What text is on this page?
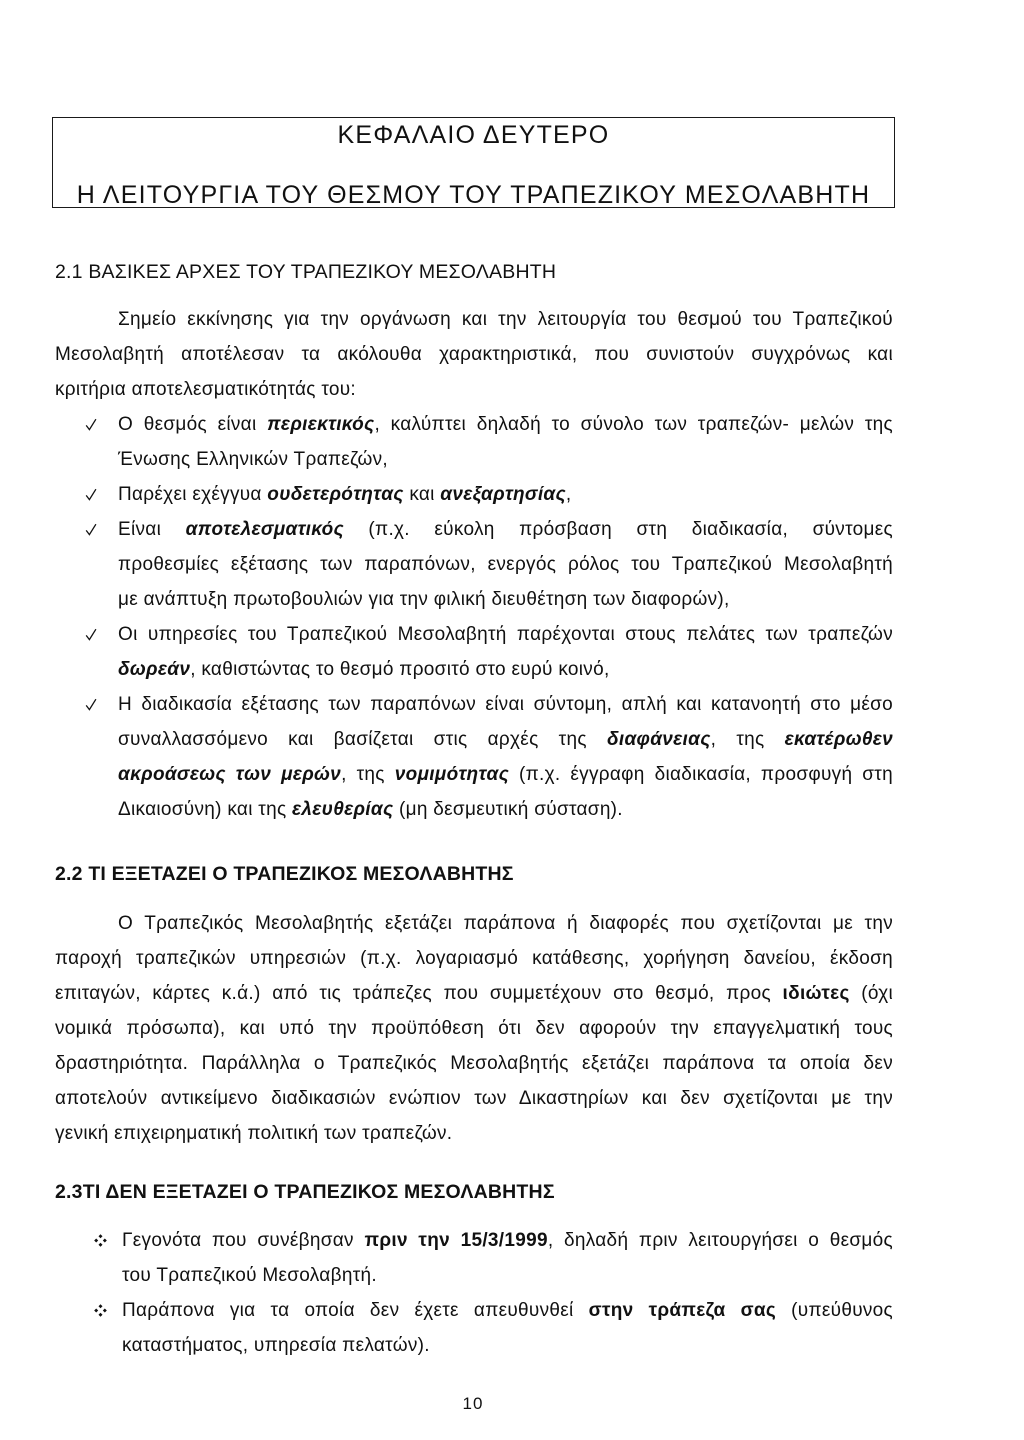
ΚΕΦΑΛΑΙΟ ΔΕΥΤΕΡΟ
Η ΛΕΙΤΟΥΡΓΙΑ ΤΟΥ ΘΕΣΜΟΥ ΤΟΥ ΤΡΑΠΕΖΙΚΟΥ ΜΕΣΟΛΑΒΗΤΗ
2.1 ΒΑΣΙΚΕΣ ΑΡΧΕΣ ΤΟΥ ΤΡΑΠΕΖΙΚΟΥ ΜΕΣΟΛΑΒΗΤΗ
Σημείο εκκίνησης για την οργάνωση και την λειτουργία του θεσμού του Τραπεζικού
Μεσολαβητή αποτέλεσαν τα ακόλουθα χαρακτηριστικά, που συνιστούν συγχρόνως και
κριτήρια αποτελεσματικότητάς του:
Ο θεσμός είναι περιεκτικός, καλύπτει δηλαδή το σύνολο των τραπεζών- μελών της
Ένωσης Ελληνικών Τραπεζών,
Παρέχει εχέγγυα ουδετερότητας και ανεξαρτησίας,
Είναι αποτελεσματικός (π.χ. εύκολη πρόσβαση στη διαδικασία, σύντομες
προθεσμίες εξέτασης των παραπόνων, ενεργός ρόλος του Τραπεζικού Μεσολαβητή
με ανάπτυξη πρωτοβουλιών για την φιλική διευθέτηση των διαφορών),
Οι υπηρεσίες του Τραπεζικού Μεσολαβητή παρέχονται στους πελάτες των τραπεζών
δωρεάν, καθιστώντας το θεσμό προσιτό στο ευρύ κοινό,
Η διαδικασία εξέτασης των παραπόνων είναι σύντομη, απλή και κατανοητή στο μέσο
συναλλασσόμενο και βασίζεται στις αρχές της διαφάνειας, της εκατέρωθεν
ακροάσεως των μερών, της νομιμότητας (π.χ. έγγραφη διαδικασία, προσφυγή στη
Δικαιοσύνη) και της ελευθερίας (μη δεσμευτική σύσταση).
2.2 ΤΙ ΕΞΕΤΑΖΕΙ Ο ΤΡΑΠΕΖΙΚΟΣ ΜΕΣΟΛΑΒΗΤΗΣ
Ο Τραπεζικός Μεσολαβητής εξετάζει παράπονα ή διαφορές που σχετίζονται με την
παροχή τραπεζικών υπηρεσιών (π.χ. λογαριασμό κατάθεσης, χορήγηση δανείου, έκδοση
επιταγών, κάρτες κ.ά.) από τις τράπεζες που συμμετέχουν στο θεσμό, προς ιδιώτες (όχι
νομικά πρόσωπα), και υπό την προϋπόθεση ότι δεν αφορούν την επαγγελματική τους
δραστηριότητα. Παράλληλα ο Τραπεζικός Μεσολαβητής εξετάζει παράπονα τα οποία δεν
αποτελούν αντικείμενο διαδικασιών ενώπιον των Δικαστηρίων και δεν σχετίζονται με την
γενική επιχειρηματική πολιτική των τραπεζών.
2.3ΤΙ ΔΕΝ ΕΞΕΤΑΖΕΙ Ο ΤΡΑΠΕΖΙΚΟΣ ΜΕΣΟΛΑΒΗΤΗΣ
Γεγονότα που συνέβησαν πριν την 15/3/1999, δηλαδή πριν λειτουργήσει ο θεσμός
του Τραπεζικού Μεσολαβητή.
Παράπονα για τα οποία δεν έχετε απευθυνθεί στην τράπεζα σας (υπεύθυνος
καταστήματος, υπηρεσία πελατών).
10
